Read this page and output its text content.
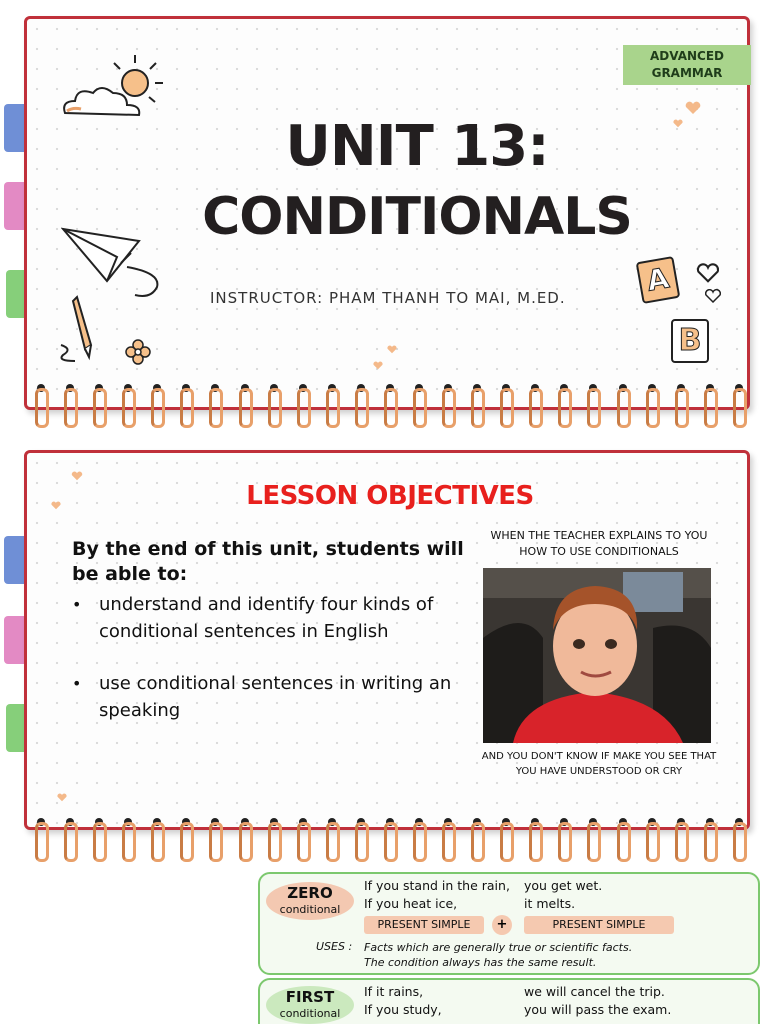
ADVANCED
GRAMMAR
UNIT 13:
CONDITIONALS
INSTRUCTOR: PHAM THANH TO MAI, M.ED.
A
B
LESSON OBJECTIVES
By the end of this unit, students will be able to:
• understand and identify four kinds of conditional sentences in English
• use conditional sentences in writing an speaking
WHEN THE TEACHER EXPLAINS TO YOU HOW TO USE CONDITIONALS
AND YOU DON'T KNOW IF MAKE YOU SEE THAT YOU HAVE UNDERSTOOD OR CRY
ZERO
conditional
If you stand in the rain, you get wet.
If you heat ice,	it melts.
PRESENT SIMPLE	+	PRESENT SIMPLE
USES : Facts which are generally true or scientific facts.
The condition always has the same result.
FIRST
conditional
If it rains,	we will cancel the trip.
If you study,	you will pass the exam.
